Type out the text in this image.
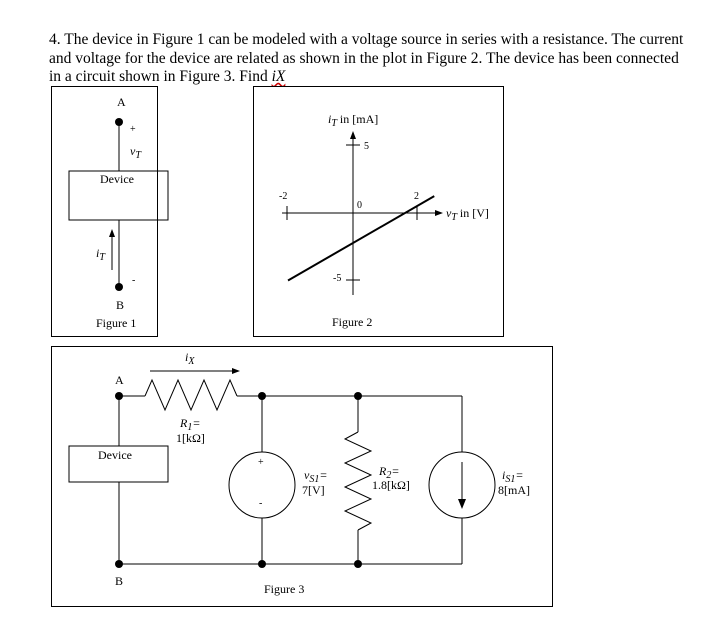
4. The device in Figure 1 can be modeled with a voltage source in series with a resistance. The current and voltage for the device are related as shown in the plot in Figure 2. The device has been connected in a circuit shown in Figure 3. Find iX
A
+
$v_T$
Device
$i_T$
-
B
Figure 1
$i_T$ in [mA]
$v_T$ in [V]
-2	2
0
5
-5
Figure 2
A
B
$i_X$
$R_1=$
1[kΩ]
Device
+
-
$v_{S1}=$
7[V]
$R_2=$
1.8[kΩ]
$i_{S1}=$
8[mA]
Figure 3
